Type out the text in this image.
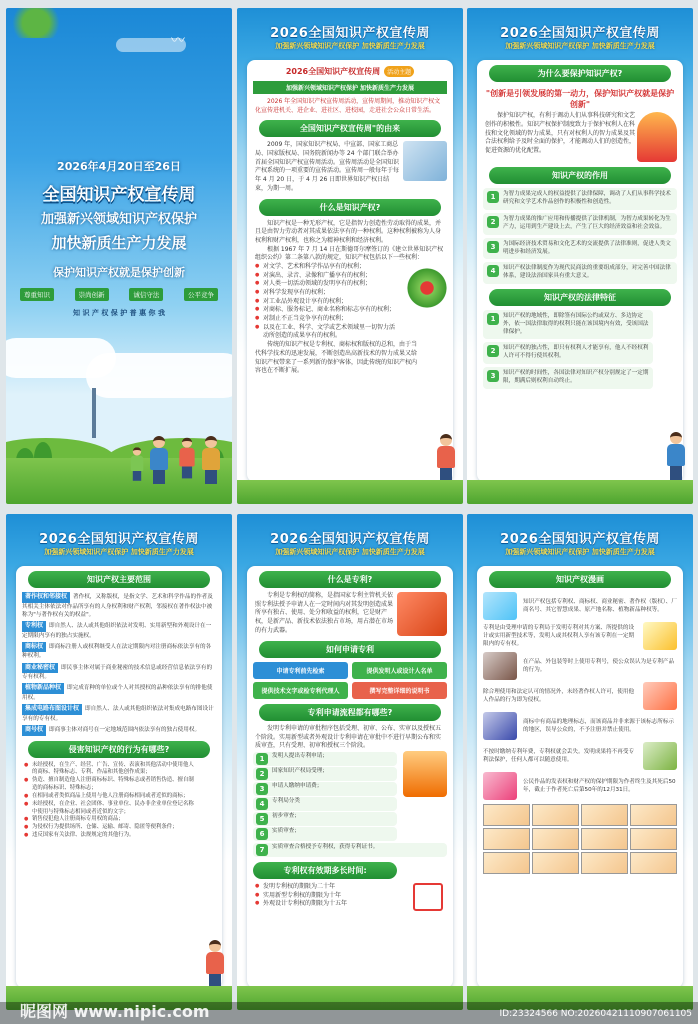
〰
2026年4月20日至26日
全国知识产权宣传周
加强新兴领域知识产权保护
加快新质生产力发展
保护知识产权就是保护创新
尊重知识	崇尚创新	诚信守法	公平竞争
知 识 产 权 保 护 普 惠 你 我
2026全国知识产权宣传周
加强新兴领域知识产权保护 加快新质生产力发展
2026全国知识产权宣传周	活动主题
加强新兴领域知识产权保护 加快新质生产力发展
2026 年全国知识产权宣传周活动，宣传周期间，推动知识产权文化宣传进机关、进企业、进社区、进校园，走进社会公众日常生活。
全国知识产权宣传周"的由来
2009 年，国家知识产权局、中宣部、国家工商总局、国家版权局、国务院新闻办等 24 个部门联合举办首届全国知识产权宣传周活动。宣传周活动是全国知识产权系统的一项重要的宣传活动。宣传周一般每年于每年 4 月 20 日，于 4 月 26 日即世界知识产权日结束，为期一周。
什么是知识产权?
知识产权是一种无形产权，它是指智力创造性劳动取得的成果，并且是由智力劳动者对其成果依法享有的一种权利。这种权利被称为人身权利和财产权利，也称之为精神权利和经济权利。
根据 1967 年 7 月 14 日在斯德哥尔摩签订的《建立世界知识产权组织公约》第二条第八款的规定，知识产权包括以下一些权利：
● 对文学、艺术和科学作品享有的权利；
● 对演出、录音、录像和广播享有的权利；
● 对人类一切活动领域的发明享有的权利；
● 对科学发现享有的权利；
● 对工业品外观设计享有的权利；
● 对商标、服务标记、商业名称和标志享有的权利；
● 对制止不正当竞争享有的权利；
● 以及在工业、科学、文学或艺术领域里一切智力活动所创造的成果享有的权利。
传统的知识产权是专利权、商标权和版权的总和，由于当代科学技术的迅速发展，不断创造出高新技术的智力成果又给知识产权带来了一系列新的保护客体，因此传统的知识产权内容也在不断扩展。
2026全国知识产权宣传周
加强新兴领域知识产权保护 加快新质生产力发展
为什么要保护知识产权?
"创新是引领发展的第一动力，保护知识产权就是保护创新"
保护知识产权，有利于调动人们从事科技研究和文艺创作的积极性。知识产权保护制度致力于保护权利人在科技和文化领域的智力成果，只有对权利人的智力成果及其合法权利给予及时全面的保护，才能调动人们的创造性，促进资源的优化配置。
知识产权的作用
1	为智力成果完成人的权益提供了法律保障，调动了人们从事科学技术研究和文学艺术作品创作的积极性和创造性。
2	为智力成果的推广应用和传播提供了法律机制，为智力成果转化为生产力，运用到生产建设上去，产生了巨大的经济效益和社会效益。
3	为国际经济技术贸易和文化艺术的交流提供了法律准则，促进人类文明进步和经济发展。
4	知识产权法律制度作为现代民商法的重要组成部分，对完善中国法律体系，建设法治国家具有重大意义。
知识产权的法律特征
1	知识产权的地域性，即除签有国际公约或双方、多边协定外，依一国法律取得的权利只能在该国境内有效，受该国法律保护。
2	知识产权的独占性，即只有权利人才能享有，他人不经权利人许可不得行使其权利。
3	知识产权的时间性，各国法律对知识产权分别规定了一定期限，期满后则权利自动终止。
2026全国知识产权宣传周
加强新兴领域知识产权保护 加快新质生产力发展
知识产权主要范围
著作权和邻接权 著作权，又称版权，是指文学、艺术和科学作品的作者及其相关主体依法对作品所享有的人身权利和财产权利，邻接权在著作权法中被称为"与著作权有关的权益"。
专利权 即自然人、法人或其他组织依法对发明、实用新型和外观设计在一定期限内享有的独占实施权。
商标权 即商标注册人或权利继受人在法定期限内对注册商标依法享有的各种权利。
商业秘密权 即民事主体对属于商业秘密的技术信息或经营信息依法享有的专有权利。
植物新品种权 即完成育种的单位或个人对其授权的品种依法享有的排他使用权。
集成电路布图设计权 即自然人、法人或其他组织依法对集成电路布图设计享有的专有权。
商号权 即商事主体对商号在一定地域范围内依法享有的独占使用权。
侵害知识产权的行为有哪些?
● 未经授权，在生产、经营、广告、宣传、表演和其他活动中使用他人的商标、特殊标志、专利、作品和其他创作成果；
● 伪造、擅自制造他人注册商标标识、特殊标志或者销售伪造、擅自制造的商标标识、特殊标志；
● 在相同或者类似商品上使用与他人注册商标相同或者近似的商标；
● 未经授权，在企业、社会团体、事业单位、民办非企业单位登记名称中使用与特殊标志相同或者近似的文字；
● 销售侵犯他人注册商标专用权的商品；
● 为侵权行为提供场所、仓储、运输、邮寄、隐匿等便利条件；
● 违反国家有关法律、法规规定的其他行为。
2026全国知识产权宣传周
加强新兴领域知识产权保护 加快新质生产力发展
什么是专利?
专利是专利权的简称，是指国家专利主管机关依照专利法授予申请人在一定时间内对其发明创造成果所享有独占、使用、处分和收益的权利，它是财产权，是新产品、新技术依法独占市场，用占潜在市场的有力武器。
如何申请专利
申请专利前先检索	提供发明人或设计人名单
提供技术文字或检专利代理人	撰写完整详细的说明书
专利申请流程都有哪些?
发明专利申请的审批程序包括受理、初审、公布、实审以及授权五个阶段。实用新型或者外观设计专利申请在审批中不进行早期公布和实质审查，只有受理、初审和授权三个阶段。
1	发明人提出专利申请；
2	国家知识产权局受理；
3	申请人缴纳申请费；
4	专利局分类
5	初步审查；
6	实质审查；
7	实质审查合格授予专利权，获得专利证书。
专利权有效期多长时间:
● 发明专利权的期限为二十年
● 实用新型专利权的期限为十年
● 外观设计专利权的期限为十五年
2026全国知识产权宣传周
加强新兴领域知识产权保护 加快新质生产力发展
知识产权漫画
知识产权包括专利权、商标权、商业秘密、著作权（版权）、厂商名号、其它智慧成果、原产地名称、植物新品种权等。
专利是由受理申请的专利局于发明专利对其方案、所提供的设计或实用新型技术等，发明人或其权利人享有该专利在一定期限内的专有权。
在产品、外包装等时上使用专利号，使公众误认为是专利产品的行为。
除合理使用和法定认可的情况外，未经著作权人许可，使用他人作品的行为即为侵权。
商标中有商品的地理标志，而该商品并非来源于该标志所标示的地区，误导公众的，不予注册并禁止使用。
不按时缴纳专利年费，专利权就会丢失。发明成果将不再受专利法保护，任何人都可以随意使用。
公民作品的发表权和财产权的保护期限为作者终生及其死后50年，截止于作者死亡后第50年的12月31日。
昵图网 www.nipic.com	ID:23324566 NO:20260421110907061105
